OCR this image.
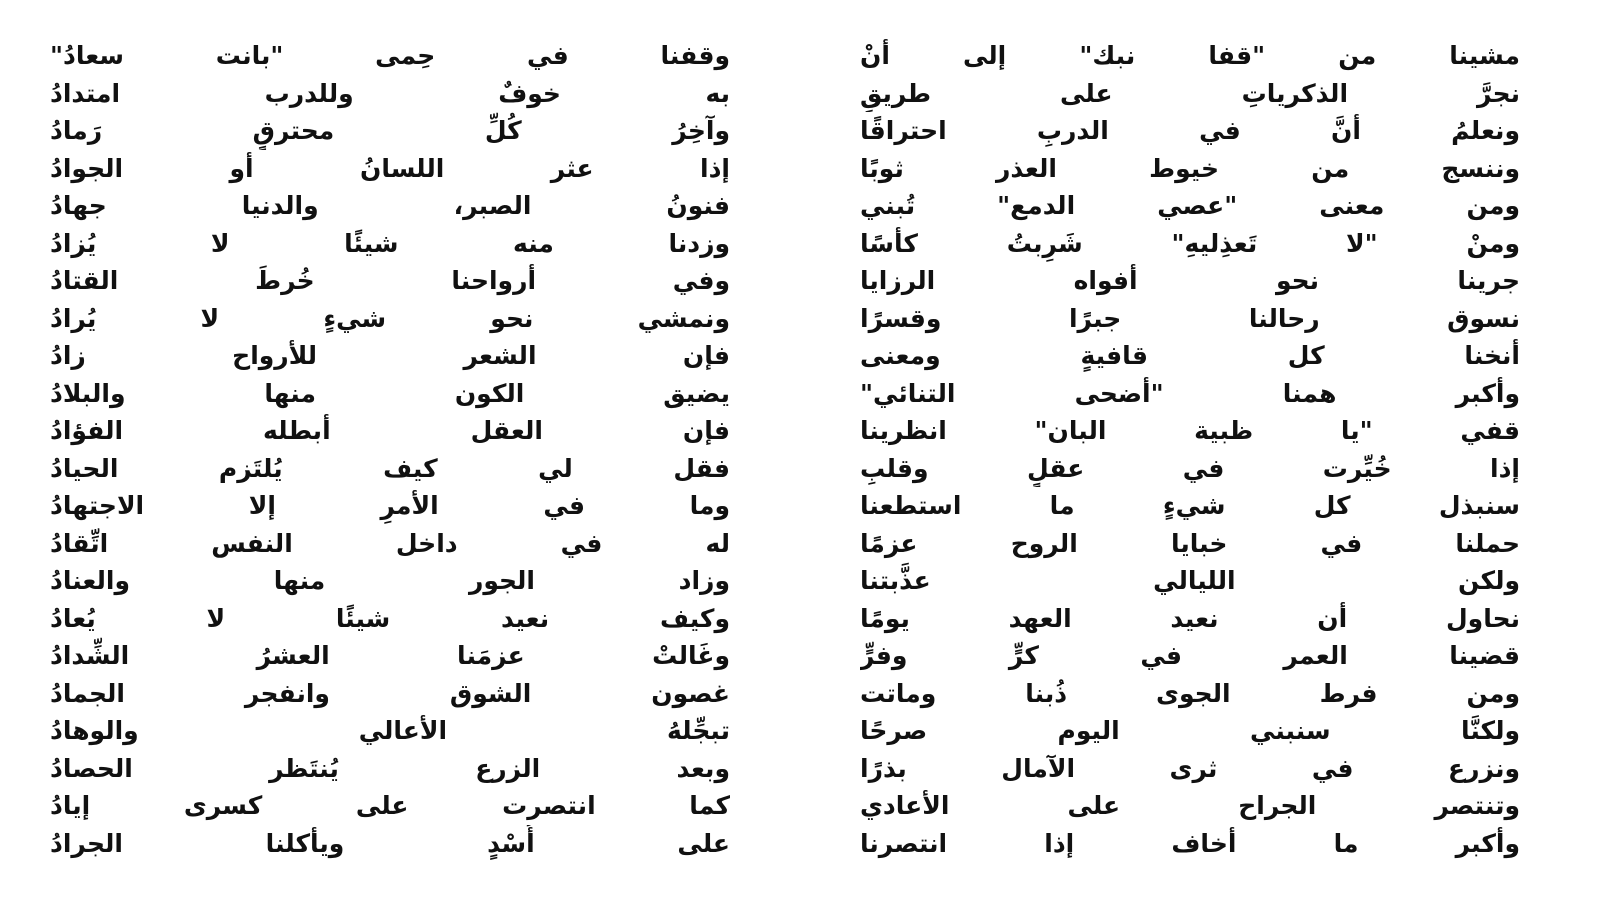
مشينا من "قفا نبك" إلى أنْ
نجرَّ الذكرياتِ على طريقِ
ونعلمُ أنَّ في الدربِ احتراقًا
وننسج من خيوط العذر ثوبًا
ومن معنى "عصي الدمع" تُبني
ومنْ "لا تَعذِليهِ" شَرِبتُ كأسًا
جرينا نحو أفواه الرزايا
نسوق رحالنا جبرًا وقسرًا
أنخنا كل قافيةٍ ومعنى
وأكبر همنا "أضحى التنائي"
قفي "يا ظبية البان" انظرينا
إذا خُيِّرت في عقلٍ وقلبِ
سنبذل كل شيءٍ ما استطعنا
حملنا في خبايا الروح عزمًا
ولكن الليالي عذَّبتنا
نحاول أن نعيد العهد يومًا
قضينا العمر في كرٍّ وفرٍّ
ومن فرط الجوى ذُبنا وماتت
ولكنَّا سنبني اليوم صرحًا
ونزرع في ثرى الآمال بذرًا
وتنتصر الجراح على الأعادي
وأكبر ما أخاف إذا انتصرنا
وقفنا في حِمى "بانت سعادُ"
به خوفٌ وللدرب امتدادُ
وآخِرُ كُلِّ محترقٍ رَمادُ
إذا عثر اللسانُ أو الجوادُ
فنونُ الصبر، والدنيا جهادُ
وزدنا منه شيئًا لا يُزادُ
وفي أرواحنا خُرطَ القتادُ
ونمشي نحو شيءٍ لا يُرادُ
فإن الشعر للأرواح زادُ
يضيق الكون منها والبلادُ
فإن العقل أبطله الفؤادُ
فقل لي كيف يُلتَزم الحيادُ
وما في الأمرِ إلا الاجتهادُ
له في داخل النفس اتِّقادُ
وزاد الجور منها والعنادُ
وكيف نعيد شيئًا لا يُعادُ
وغَالتْ عزمَنا العشرُ الشِّدادُ
غصون الشوق وانفجر الجمادُ
تبجِّلهُ الأعالي والوهادُ
وبعد الزرع يُنتَظر الحصادُ
كما انتصرت على كسرى إيادُ
على أُسْدٍ ويأكلنا الجرادُ
